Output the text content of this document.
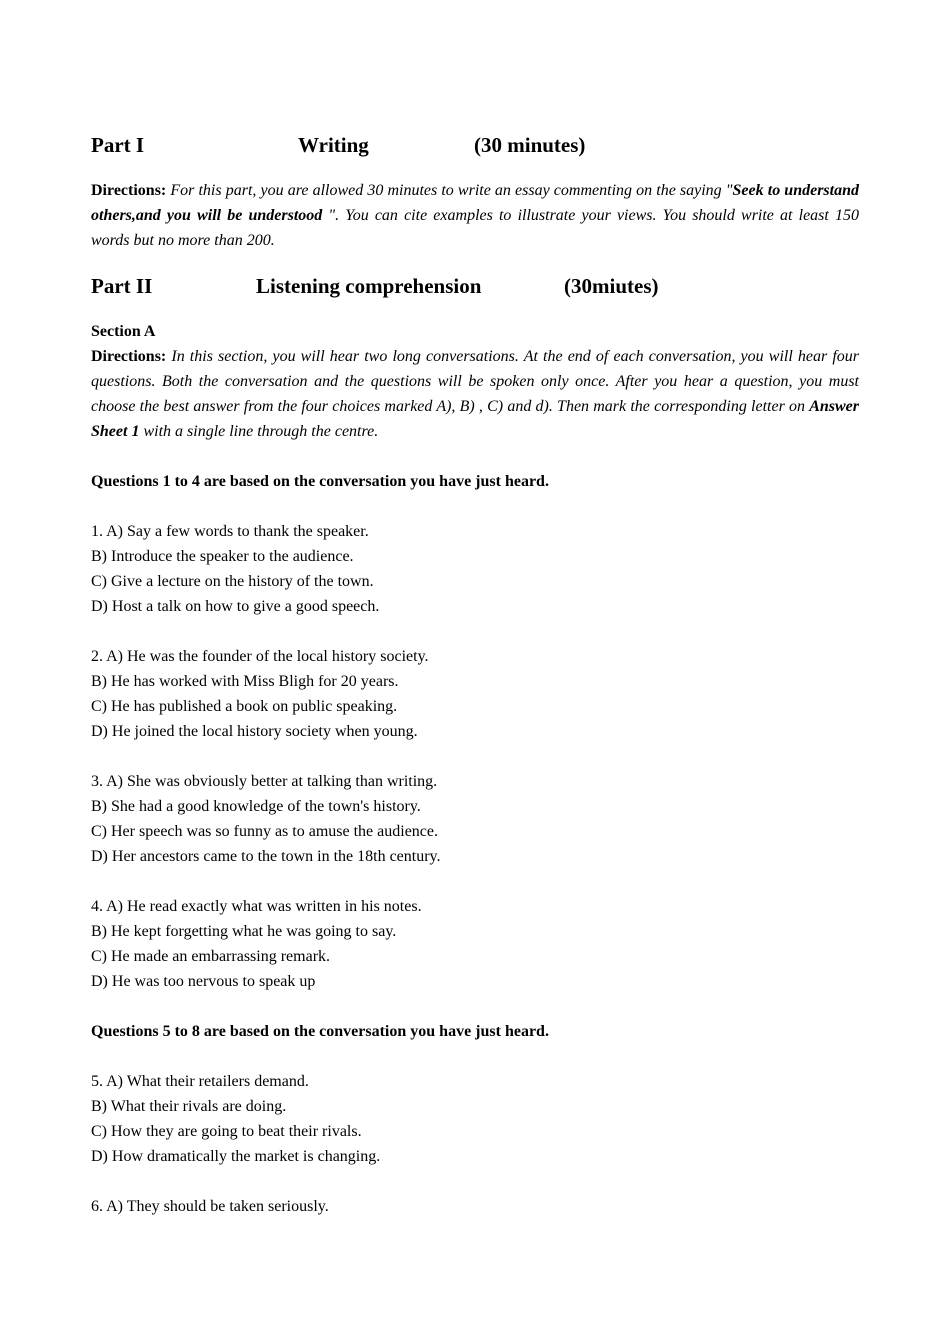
Part I	Writing	(30 minutes)
Directions: For this part, you are allowed 30 minutes to write an essay commenting on the saying "Seek to understand others,and you will be understood ". You can cite examples to illustrate your views. You should write at least 150 words but no more than 200.
Part II	Listening comprehension	(30miutes)
Section A
Directions: In this section, you will hear two long conversations. At the end of each conversation, you will hear four questions. Both the conversation and the questions will be spoken only once. After you hear a question, you must choose the best answer from the four choices marked A), B) , C) and d). Then mark the corresponding letter on Answer Sheet 1 with a single line through the centre.
Questions 1 to 4 are based on the conversation you have just heard.
1. A) Say a few words to thank the speaker.
B) Introduce the speaker to the audience.
C) Give a lecture on the history of the town.
D) Host a talk on how to give a good speech.
2. A) He was the founder of the local history society.
B) He has worked with Miss Bligh for 20 years.
C) He has published a book on public speaking.
D) He joined the local history society when young.
3. A) She was obviously better at talking than writing.
B) She had a good knowledge of the town's history.
C) Her speech was so funny as to amuse the audience.
D) Her ancestors came to the town in the 18th century.
4. A) He read exactly what was written in his notes.
B) He kept forgetting what he was going to say.
C) He made an embarrassing remark.
D) He was too nervous to speak up
Questions 5 to 8 are based on the conversation you have just heard.
5. A) What their retailers demand.
B) What their rivals are doing.
C) How they are going to beat their rivals.
D) How dramatically the market is changing.
6. A) They should be taken seriously.
